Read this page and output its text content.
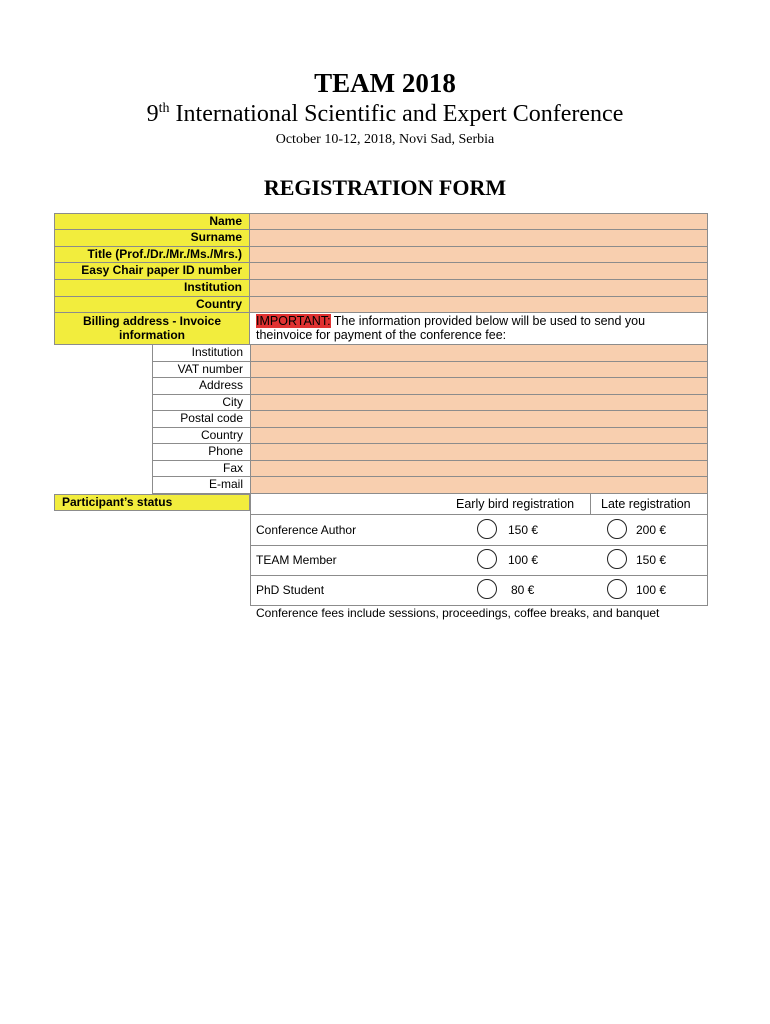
TEAM 2018
9th International Scientific and Expert Conference
October 10-12, 2018, Novi Sad, Serbia
REGISTRATION FORM
Name
Surname
Title (Prof./Dr./Mr./Ms./Mrs.)
Easy Chair paper ID number
Institution
Country
Billing address - Invoice
information
IMPORTANT: The information provided below will be used to send you
theinvoice for payment of the conference fee:
Institution
VAT number
Address
City
Postal code
Country
Phone
Fax
E-mail
Participant’s status	Early bird registration Late registration
Conference Author	150 €	200 €
TEAM Member	100 €	150 €
PhD Student	80 €	100 €
Conference fees include sessions, proceedings, coffee breaks, and banquet
